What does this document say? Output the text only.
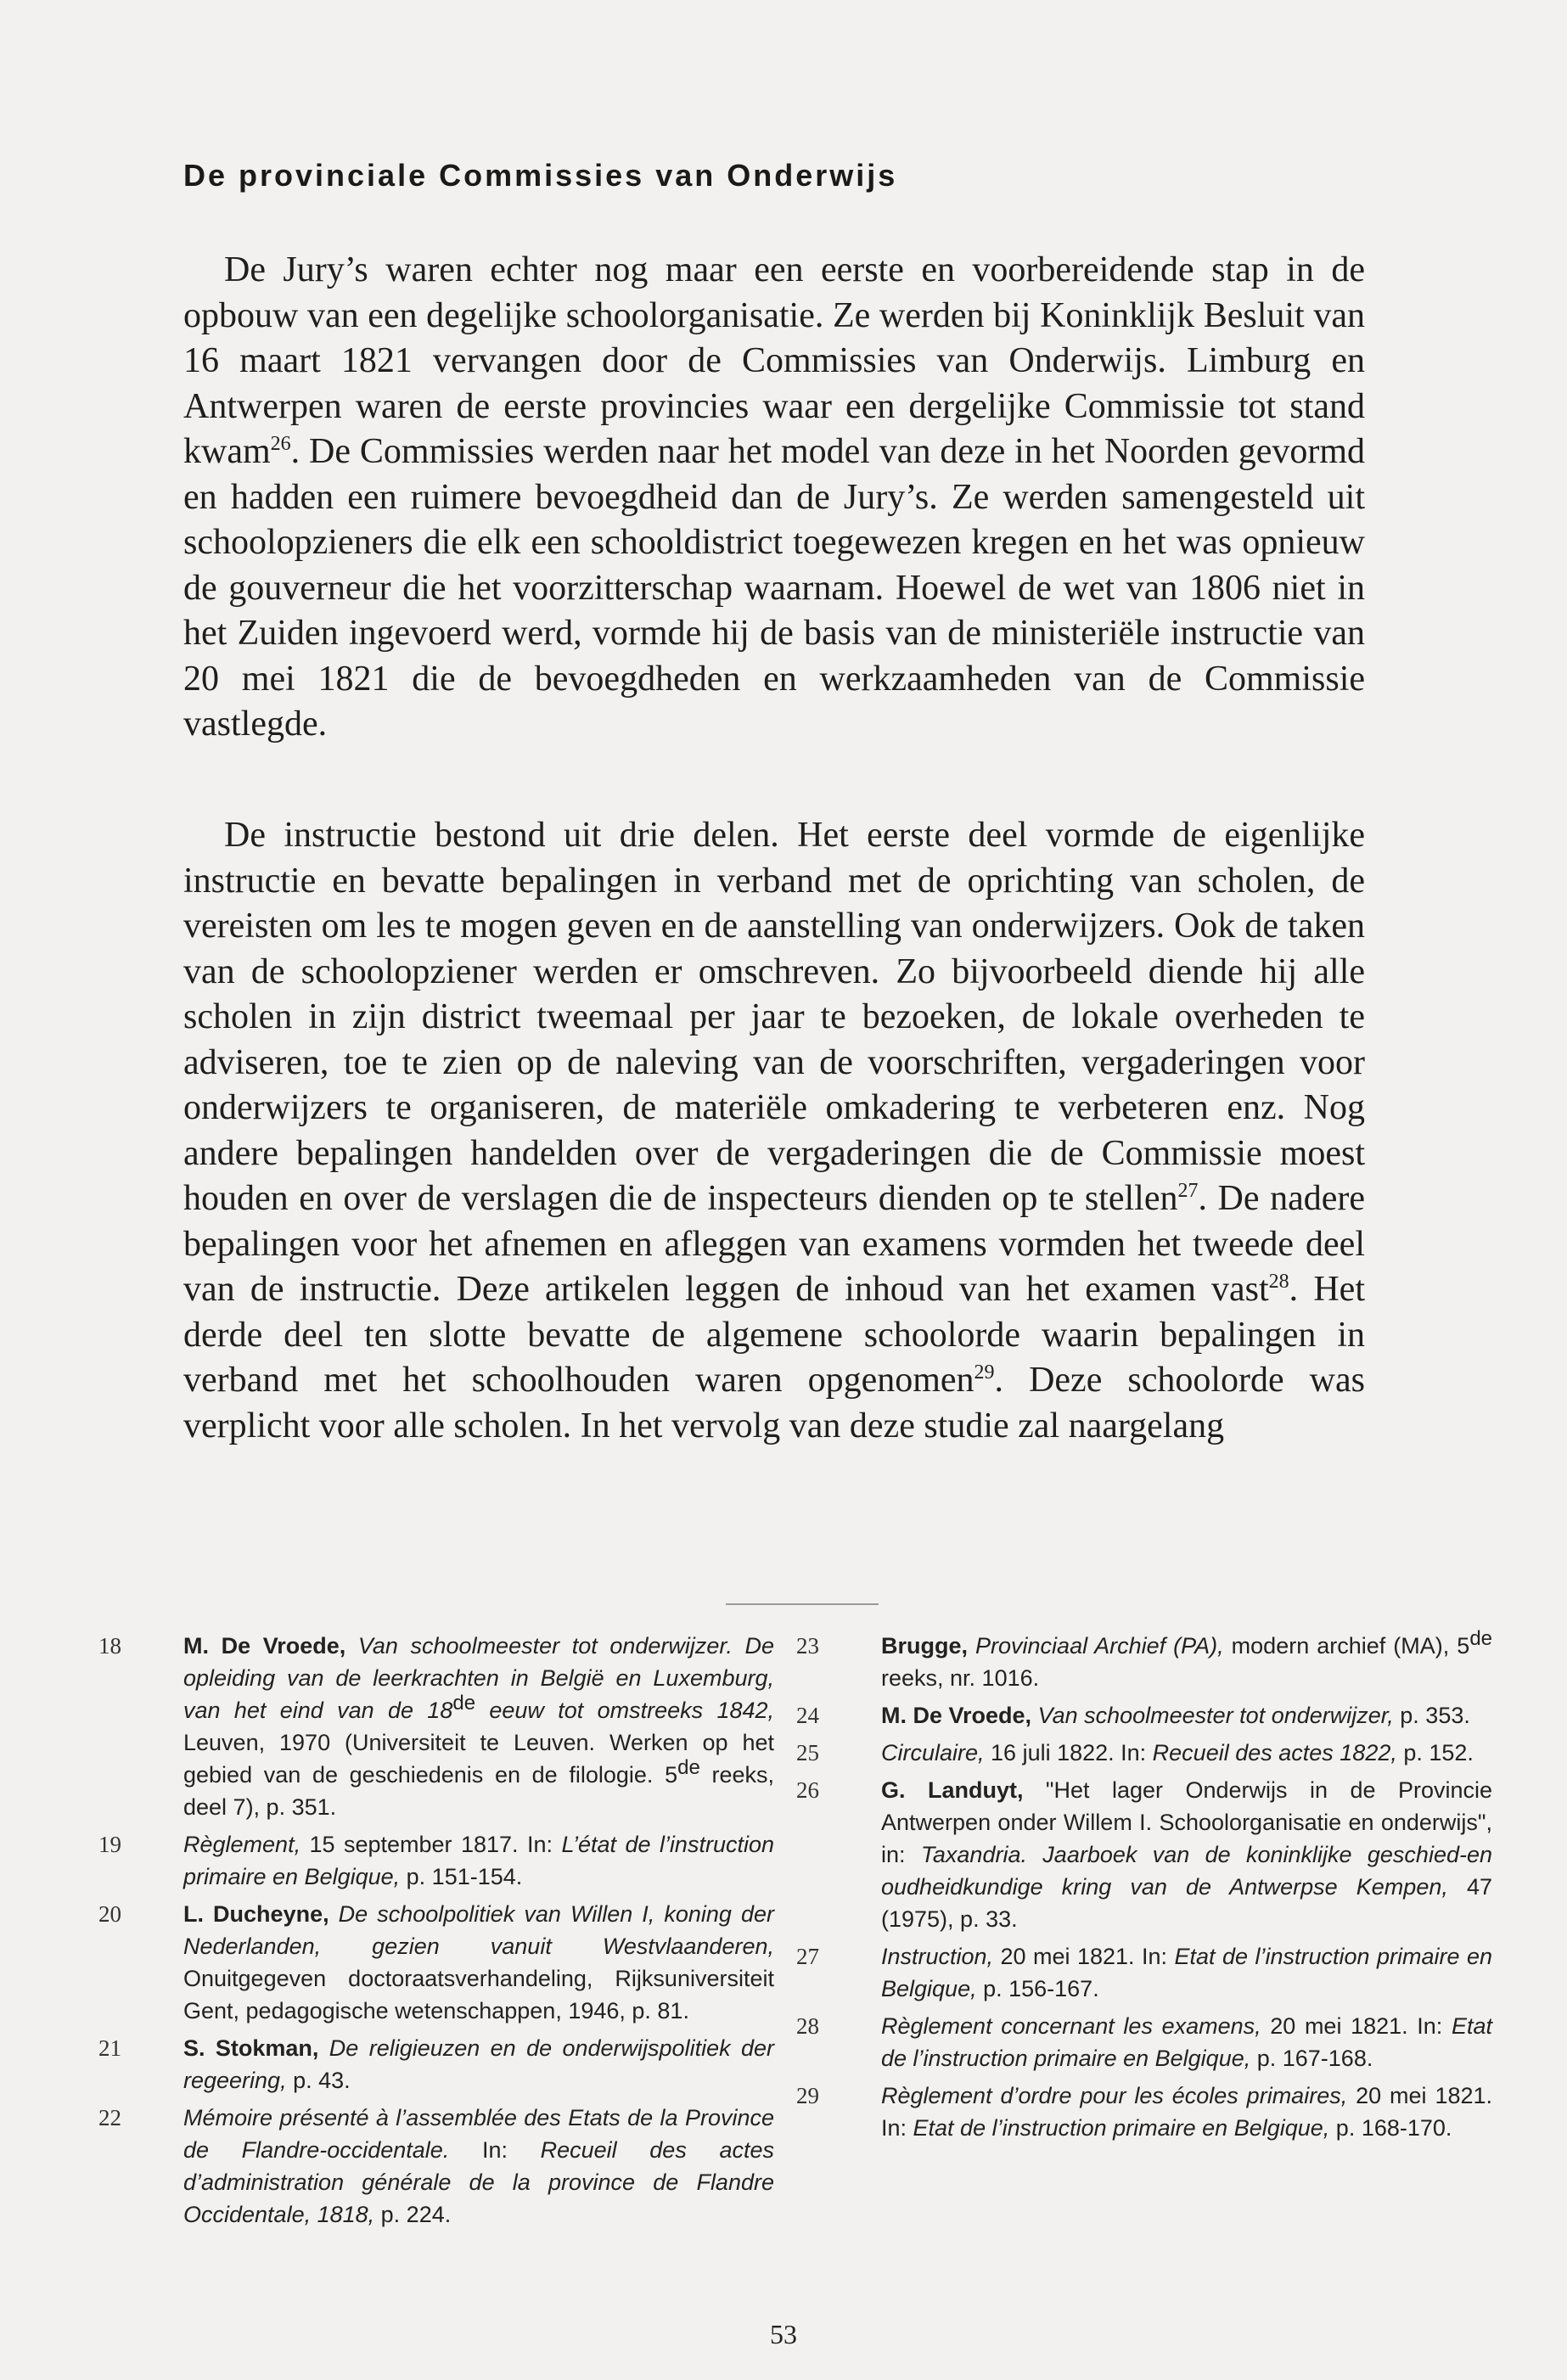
De provinciale Commissies van Onderwijs

De Jury’s waren echter nog maar een eerste en voorbereidende stap in de opbouw van een degelijke schoolorganisatie. Ze werden bij Koninklijk Besluit van 16 maart 1821 vervangen door de Commissies van Onderwijs. Limburg en Antwerpen waren de eerste provincies waar een dergelijke Commissie tot stand kwam$^{26}$. De Commissies werden naar het model van deze in het Noorden gevormd en hadden een ruimere bevoegdheid dan de Jury’s. Ze werden samengesteld uit schoolopzieners die elk een schooldistrict toegewezen kregen en het was opnieuw de gouverneur die het voorzitterschap waarnam. Hoewel de wet van 1806 niet in het Zuiden ingevoerd werd, vormde hij de basis van de ministeriële instructie van 20 mei 1821 die de bevoegdheden en werkzaamheden van de Commissie vastlegde.

De instructie bestond uit drie delen. Het eerste deel vormde de eigenlijke instructie en bevatte bepalingen in verband met de oprichting van scholen, de vereisten om les te mogen geven en de aanstelling van onderwijzers. Ook de taken van de schoolopziener werden er omschreven. Zo bijvoorbeeld diende hij alle scholen in zijn district tweemaal per jaar te bezoeken, de lokale overheden te adviseren, toe te zien op de naleving van de voorschriften, vergaderingen voor onderwijzers te organiseren, de materiële omkadering te verbeteren enz. Nog andere bepalingen handelden over de vergaderingen die de Commissie moest houden en over de verslagen die de inspecteurs dienden op te stellen$^{27}$. De nadere bepalingen voor het afnemen en afleggen van examens vormden het tweede deel van de instructie. Deze artikelen leggen de inhoud van het examen vast$^{28}$. Het derde deel ten slotte bevatte de algemene schoolorde waarin bepalingen in verband met het schoolhouden waren opgenomen$^{29}$. Deze schoolorde was verplicht voor alle scholen. In het vervolg van deze studie zal naargelang

18	M. De Vroede, Van schoolmeester tot onderwijzer. De opleiding van de leerkrachten in België en Luxemburg, van het eind van de 18de eeuw tot omstreeks 1842, Leuven, 1970 (Universiteit te Leuven. Werken op het gebied van de geschiedenis en de filologie. 5de reeks, deel 7), p. 351.

19	Règlement, 15 september 1817. In: L’état de l’instruction primaire en Belgique, p. 151-154.

20	L. Ducheyne, De schoolpolitiek van Willen I, koning der Nederlanden, gezien vanuit Westvlaanderen, Onuitgegeven doctoraatsverhandeling, Rijksuniversiteit Gent, pedagogische wetenschappen, 1946, p. 81.

21	S. Stokman, De religieuzen en de onderwijspolitiek der regeering, p. 43.

22	Mémoire présenté à l’assemblée des Etats de la Province de Flandre-occidentale. In: Recueil des actes d’administration générale de la province de Flandre Occidentale, 1818, p. 224.

23	Brugge, Provinciaal Archief (PA), modern archief (MA), 5de reeks, nr. 1016.

24	M. De Vroede, Van schoolmeester tot onderwijzer, p. 353.

25	Circulaire, 16 juli 1822. In: Recueil des actes 1822, p. 152.

26	G. Landuyt, "Het lager Onderwijs in de Provincie Antwerpen onder Willem I. Schoolorganisatie en onderwijs", in: Taxandria. Jaarboek van de koninklijke geschied-en oudheidkundige kring van de Antwerpse Kempen, 47 (1975), p. 33.

27	Instruction, 20 mei 1821. In: Etat de l’instruction primaire en Belgique, p. 156-167.

28	Règlement concernant les examens, 20 mei 1821. In: Etat de l’instruction primaire en Belgique, p. 167-168.

29	Règlement d’ordre pour les écoles primaires, 20 mei 1821. In: Etat de l’instruction primaire en Belgique, p. 168-170.

53
